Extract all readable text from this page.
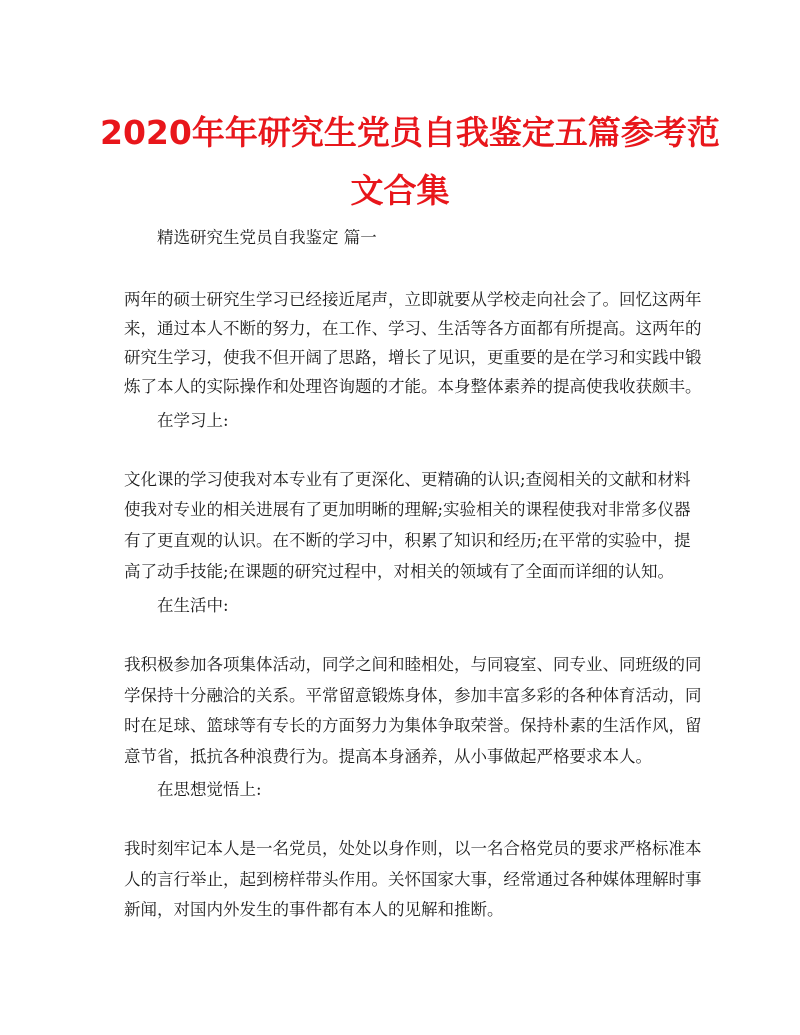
2020年年研究生党员自我鉴定五篇参考范
文合集
精选研究生党员自我鉴定 篇一
两年的硕士研究生学习已经接近尾声，立即就要从学校走向社会了。回忆这两年
来，通过本人不断的努力，在工作、学习、生活等各方面都有所提高。这两年的
研究生学习，使我不但开阔了思路，增长了见识，更重要的是在学习和实践中锻
炼了本人的实际操作和处理咨询题的才能。本身整体素养的提高使我收获颇丰。
在学习上:
文化课的学习使我对本专业有了更深化、更精确的认识;查阅相关的文献和材料
使我对专业的相关进展有了更加明晰的理解;实验相关的课程使我对非常多仪器
有了更直观的认识。在不断的学习中，积累了知识和经历;在平常的实验中，提
高了动手技能;在课题的研究过程中，对相关的领域有了全面而详细的认知。
在生活中:
我积极参加各项集体活动，同学之间和睦相处，与同寝室、同专业、同班级的同
学保持十分融洽的关系。平常留意锻炼身体，参加丰富多彩的各种体育活动，同
时在足球、篮球等有专长的方面努力为集体争取荣誉。保持朴素的生活作风，留
意节省，抵抗各种浪费行为。提高本身涵养，从小事做起严格要求本人。
在思想觉悟上:
我时刻牢记本人是一名党员，处处以身作则，以一名合格党员的要求严格标准本
人的言行举止，起到榜样带头作用。关怀国家大事，经常通过各种媒体理解时事
新闻，对国内外发生的事件都有本人的见解和推断。
